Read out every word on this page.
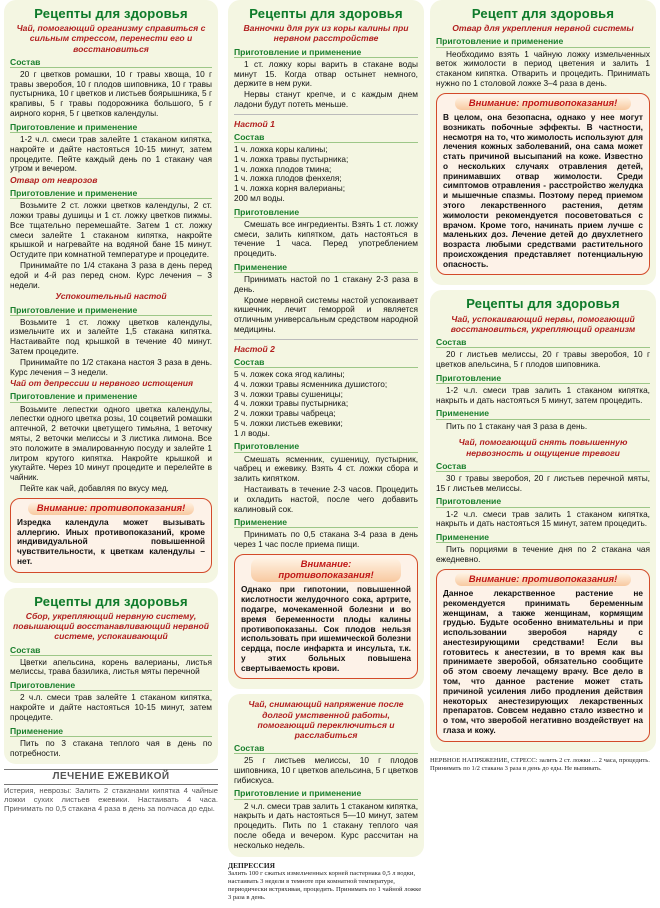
Рецепты для здоровья
Чай, помогающий организму справиться с сильным стрессом, перенести его и восстановиться
Состав
20 г цветков ромашки, 10 г травы хвоща, 10 г травы зверобоя, 10 г плодов шиповника, 10 г травы пустырника, 10 г цветков и листьев боярышника, 5 г крапивы, 5 г травы подорожника большого, 5 г аирного корня, 5 г цветков календулы.
Приготовление и применение
1-2 ч.л. смеси трав залейте 1 стаканом кипятка, накройте и дайте настояться 10-15 минут, затем процедите. Пейте каждый день по 1 стакану чая утром и вечером.
Отвар от неврозов
Приготовление и применение
Возьмите 2 ст. ложки цветков календулы, 2 ст. ложки травы душицы и 1 ст. ложку цветков пижмы. Все тщательно перемешайте. Затем 1 ст. ложку смеси залейте 1 стаканом кипятка, накройте крышкой и нагревайте на водяной бане 15 минут. Остудите при комнатной температуре и процедите.
Принимайте по 1/4 стакана 3 раза в день перед едой и 4-й раз перед сном. Курс лечения – 3 недели.
Успокоительный настой
Приготовление и применение
Возьмите 1 ст. ложку цветков календулы, измельчите их и залейте 1,5 стакана кипятка. Настаивайте под крышкой в течение 40 минут. Затем процедите.
Принимайте по 1/2 стакана настоя 3 раза в день. Курс лечения – 3 недели.
Чай от депрессии и нервного истощения
Приготовление и применение
Возьмите лепестки одного цветка календулы, лепестки одного цветка розы, 10 соцветий ромашки аптечной, 2 веточки цветущего тимьяна, 1 веточку мяты, 2 веточки мелиссы и 3 листика лимона. Все это положите в эмалированную посуду и залейте 1 литром крутого кипятка. Накройте крышкой и укутайте. Через 10 минут процедите и перелейте в чайник.
Пейте как чай, добавляя по вкусу мед.
Внимание: противопоказания!
Изредка календула может вызывать аллергию. Иных противопоказаний, кроме индивидуальной повышенной чувствительности, к цветкам календулы – нет.
Рецепты для здоровья
Сбор, укрепляющий нервную систему, повышающий восстанавливающий нервной системе, успокаивающий
Состав
Цветки апельсина, корень валерианы, листья мелиссы, трава базилика, листья мяты перечной
Приготовление
2 ч.л. смеси трав залейте 1 стаканом кипятка, накройте и дайте настояться 10-15 минут, затем процедите.
Применение
Пить по 3 стакана теплого чая в день по потребности.
ЛЕЧЕНИЕ ЕЖЕВИКОЙ
Истерия, неврозы: Залить 2 стаканами кипятка 4 чайные ложки сухих листьев ежевики. Настаивать 4 часа. Принимать по 0,5 стакана 4 раза в день за полчаса до еды.
Рецепты для здоровья
Ванночки для рук из коры калины при нервном расстройстве
Приготовление и применение
1 ст. ложку коры варить в стакане воды минут 15. Когда отвар остынет немного, держите в нем руки.
Нервы станут крепче, и с каждым днем ладони будут потеть меньше.
Настой 1
Состав
1 ч. ложка коры калины;
1 ч. ложка травы пустырника;
1 ч. ложка плодов тмина;
1 ч. ложка плодов фенхеля;
1 ч. ложка корня валерианы;
200 мл воды.
Приготовление
Смешать все ингредиенты. Взять 1 ст. ложку смеси, залить кипятком, дать настояться в течение 1 часа. Перед употреблением процедить.
Применение
Принимать настой по 1 стакану 2-3 раза в день.
Кроме нервной системы настой успокаивает кишечник, лечит геморрой и является отличным универсальным средством народной медицины.
Настой 2
Состав
5 ч. ложек сока ягод калины;
4 ч. ложки травы ясменника душистого;
3 ч. ложки травы сушеницы;
4 ч. ложки травы пустырника;
2 ч. ложки травы чабреца;
5 ч. ложки листьев ежевики;
1 л воды.
Приготовление
Смешать ясменник, сушеницу, пустырник, чабрец и ежевику. Взять 4 ст. ложки сбора и залить кипятком.
Настаивать в течение 2-3 часов. Процедить и охладить настой, после чего добавить калиновый сок.
Применение
Принимать по 0,5 стакана 3-4 раза в день через 1 час после приема пищи.
Внимание: противопоказания!
Однако при гипотонии, повышенной кислотности желудочного сока, артрите, подагре, мочекаменной болезни и во время беременности плоды калины противопоказаны. Сок плодов нельзя использовать при ишемической болезни сердца, после инфаркта и инсульта, т.к. у этих больных повышена свертываемость крови.
Чай, снимающий напряжение после долгой умственной работы, помогающий переключиться и расслабиться
Состав
25 г листьев мелиссы, 10 г плодов шиповника, 10 г цветков апельсина, 5 г цветков гибискуса.
Приготовление и применение
2 ч.л. смеси трав залить 1 стаканом кипятка, накрыть и дать настояться 5—10 минут, затем процедить. Пить по 1 стакану теплого чая после обеда и вечером. Курс рассчитан на несколько недель.
ДЕПРЕССИЯ
Залить 100 г сжатых измельченных корней пастернака 0,5 л водки, настаивать 3 недели в темноте при комнатной температуре, периодически встряхивая, процедить. Принимать по 1 чайной ложке 3 раза в день.
Рецепт для здоровья
Отвар для укрепления нервной системы
Приготовление и применение
Необходимо взять 1 чайную ложку измельченных веток жимолости в период цветения и залить 1 стаканом кипятка. Отварить и процедить. Принимать нужно по 1 столовой ложке 3–4 раза в день.
Внимание: противопоказания!
В целом, она безопасна, однако у нее могут возникать побочные эффекты. В частности, несмотря на то, что жимолость используют для лечения кожных заболеваний, она сама может стать причиной высыпаний на коже. Известно о нескольких случаях отравления детей, принимавших отвар жимолости. Среди симптомов отравления - расстройство желудка и мышечные спазмы. Поэтому перед приемом этого лекарственного растения, детям жимолости рекомендуется посоветоваться с врачом. Кроме того, начинать прием лучше с маленьких доз. Лечение детей до двухлетнего возраста любыми средствами растительного происхождения представляет потенциальную опасность.
Рецепты для здоровья
Чай, успокаивающий нервы, помогающий восстановиться, укрепляющий организм
Состав
20 г листьев мелиссы, 20 г травы зверобоя, 10 г цветков апельсина, 5 г плодов шиповника.
Приготовление
1-2 ч.л. смеси трав залить 1 стаканом кипятка, накрыть и дать настояться 5 минут, затем процедить.
Применение
Пить по 1 стакану чая 3 раза в день.
Чай, помогающий снять повышенную нервозность и ощущение тревоги
Состав
30 г травы зверобоя, 20 г листьев перечной мяты, 15 г листьев мелиссы.
Приготовление
1-2 ч.л. смеси трав залить 1 стаканом кипятка, накрыть и дать настояться 15 минут, затем процедить.
Применение
Пить порциями в течение дня по 2 стакана чая ежедневно.
Внимание: противопоказания!
Данное лекарственное растение не рекомендуется принимать беременным женщинам, а также женщинам, кормящим грудью. Будьте особенно внимательны и при использовании зверобоя наряду с анестезирующими средствами! Если вы готовитесь к анестезии, в то время как вы принимаете зверобой, обязательно сообщите об этом своему лечащему врачу. Все дело в том, что данное растение может стать причиной усиления либо продления действия некоторых анестезирующих лекарственных препаратов. Совсем недавно стало известно и о том, что зверобой негативно воздействует на глаза и кожу.
НЕРВНОЕ НАПРЯЖЕНИЕ, СТРЕСС: залить 2 ст. ложки ... 2 часа, процедить. Принимать по 1/2 стакана 3 раза в день до еды. Не выпивать.
